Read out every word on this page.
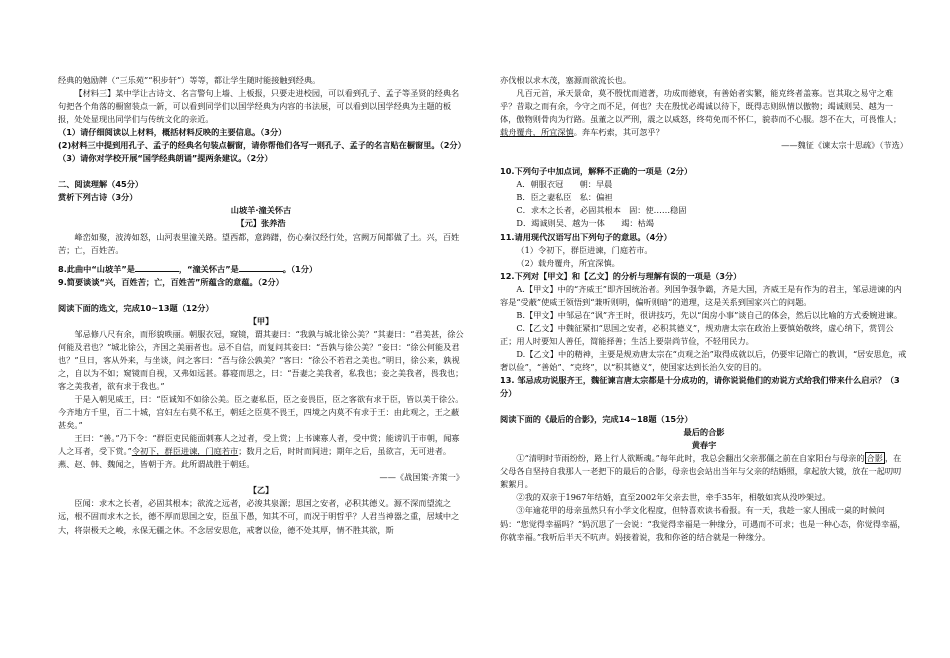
经典的勉励牌（“三乐苑”“积步轩”）等等，都让学生随时能接触到经典。

【材料三】某中学让古诗文、名言警句上墙、上板报，只要走进校园，可以看到孔子、孟子等圣贤的经典名句把各个角落的橱窗装点一新，可以看到同学们以国学经典为内容的书法展，可以看到以国学经典为主题的板报，处处显现出同学们与传统文化的亲近。

（1）请仔细阅读以上材料，概括材料反映的主要信息。（3分）

(2)材料三中提到用孔子、孟子的经典名句装点橱窗，请你帮他们各写一则孔子、孟子的名言贴在橱窗里。（2分）

（3）请你对学校开展“国学经典朗诵”提两条建议。（2分）

二、阅读理解（45分）

赏析下列古诗（3分）

山坡羊·潼关怀古

【元】张养浩

峰峦如聚，波涛如怒，山河表里潼关路。望西都，意踌躇，伤心秦汉经行处，宫阙万间都做了土。兴，百姓苦；亡，百姓苦。

8.此曲中“山坡羊”是	，“潼关怀古”是	。（1分）

9.简要谈谈“兴，百姓苦；亡，百姓苦”所蕴含的意蕴。（2分）

阅读下面的选文，完成10~13题（12分）

【甲】

邹忌修八尺有余，而形貌昳丽。朝服衣冠，窥镜，谓其妻曰：“我孰与城北徐公美？”其妻曰：“君美甚，徐公何能及君也？”城北徐公，齐国之美丽者也。忌不自信，而复问其妾曰：“吾孰与徐公美？”妾曰：“徐公何能及君也？”旦日，客从外来，与坐谈，问之客曰：“吾与徐公孰美？”客曰：“徐公不若君之美也。”明日，徐公来，孰视之，自以为不如；窥镜而自视，又弗如远甚。暮寝而思之，曰：“吾妻之美我者，私我也；妾之美我者，畏我也；客之美我者，欲有求于我也。”

于是入朝见威王，曰：“臣诚知不如徐公美。臣之妻私臣，臣之妾畏臣，臣之客欲有求于臣，皆以美于徐公。今齐地方千里，百二十城，宫妇左右莫不私王，朝廷之臣莫不畏王，四境之内莫不有求于王：由此观之，王之蔽甚矣。”

王曰：“善。”乃下令：“群臣吏民能面刺寡人之过者，受上赏；上书谏寡人者，受中赏；能谤讥于市朝，闻寡人之耳者，受下赏。”令初下，群臣进谏，门庭若市；数月之后，时时而间进；期年之后，虽欲言，无可进者。燕、赵、韩、魏闻之，皆朝于齐。此所谓战胜于朝廷。

——《战国策·齐策一》

【乙】

臣闻：求木之长者，必固其根本；欲流之远者，必浚其泉源；思国之安者，必积其德义。源不深而望流之远，根不固而求木之长，德不厚而思国之安，臣虽下愚，知其不可，而况于明哲乎？人君当神器之重，居域中之大，将崇极天之峻，永保无疆之休。不念居安思危，戒奢以俭，德不处其厚，情不胜其欲，斯

亦伐根以求木茂，塞源而欲流长也。

凡百元首，承天景命，莫不殷忧而道著，功成而德衰，有善始者实繁，能克终者盖寡。岂其取之易守之难乎？昔取之而有余，今守之而不足，何也？夫在殷忧必竭诚以待下，既得志则纵情以傲物；竭诚则吴、越为一体，傲物则骨肉为行路。虽董之以严刑，震之以威怒，终苟免而不怀仁，貌恭而不心服。怨不在大，可畏惟人；载舟覆舟，所宜深慎。奔车朽索，其可忽乎？

——魏征《谏太宗十思疏》（节选）

10.下列句子中加点词，解释不正确的一项是（2分）

A．朝服衣冠　　朝：早晨

B．臣之妻私臣　私：偏袒

C．求木之长者，必固其根本　固：使……稳固

D．竭诚则吴、越为一体　　竭：枯竭

11.请用现代汉语写出下列句子的意思。（4分）

（1）令初下，群臣进谏，门庭若市。

（2）载舟覆舟，所宜深慎。

12.下列对【甲文】和【乙文】的分析与理解有误的一项是（3分）

A.【甲文】中的“齐威王”即齐国统治者。列国争强争霸，齐是大国，齐威王是有作为的君主，邹忌进谏的内容是“受蔽”使威王领悟到“兼听则明，偏听则暗”的道理，这是关系到国家兴亡的问题。

B.【甲文】中邹忌在“讽”齐王时，很讲技巧，先以“闺房小事”谈自己的体会，然后以比喻的方式委婉进谏。

C.【乙文】中魏征紧扣“思国之安者，必积其德义”，规劝唐太宗在政治上要慎始敬终，虚心纳下，赏罚公正；用人时要知人善任，简能择善；生活上要崇尚节俭，不轻用民力。

D.【乙文】中的精神，主要是规劝唐太宗在“贞观之治”取得成就以后，仍要牢记隋亡的教训，“居安思危，戒奢以俭”，“善始”、“克终”，以“积其德义”，使国家达到长治久安的目的。

13. 邹忌成功说服齐王，魏征谏言唐太宗都是十分成功的，请你说说他们的劝说方式给我们带来什么启示？（3分）

阅读下面的《最后的合影》，完成14~18题（15分）

最后的合影

黄春宇

①“清明时节雨纷纷，路上行人欲断魂。”每年此时，我总会翻出父亲那僵之前在自家阳台与母亲的 合影 ，在父母各自坚持自我那人一老把下的最后的合影，母亲也会站出当年与父亲的结婚照，拿起放大镜，放在一起叨叨絮絮月。

②我的双亲于1967年结婚，直至2002年父亲去世，牵手35年，相敬如宾从没吵架过。

③年逾花甲的母亲虽然只有小学文化程度，但特喜欢读书看报。有一天，我趁一家人围成一桌的时候问妈：“您觉得幸福吗？”妈沉思了一会说：“我觉得幸福是一种缘分，可遇而不可求；也是一种心态，你觉得幸福，你就幸福。”我听后半天不吭声。妈接着说，我和你爸的结合就是一种缘分。
